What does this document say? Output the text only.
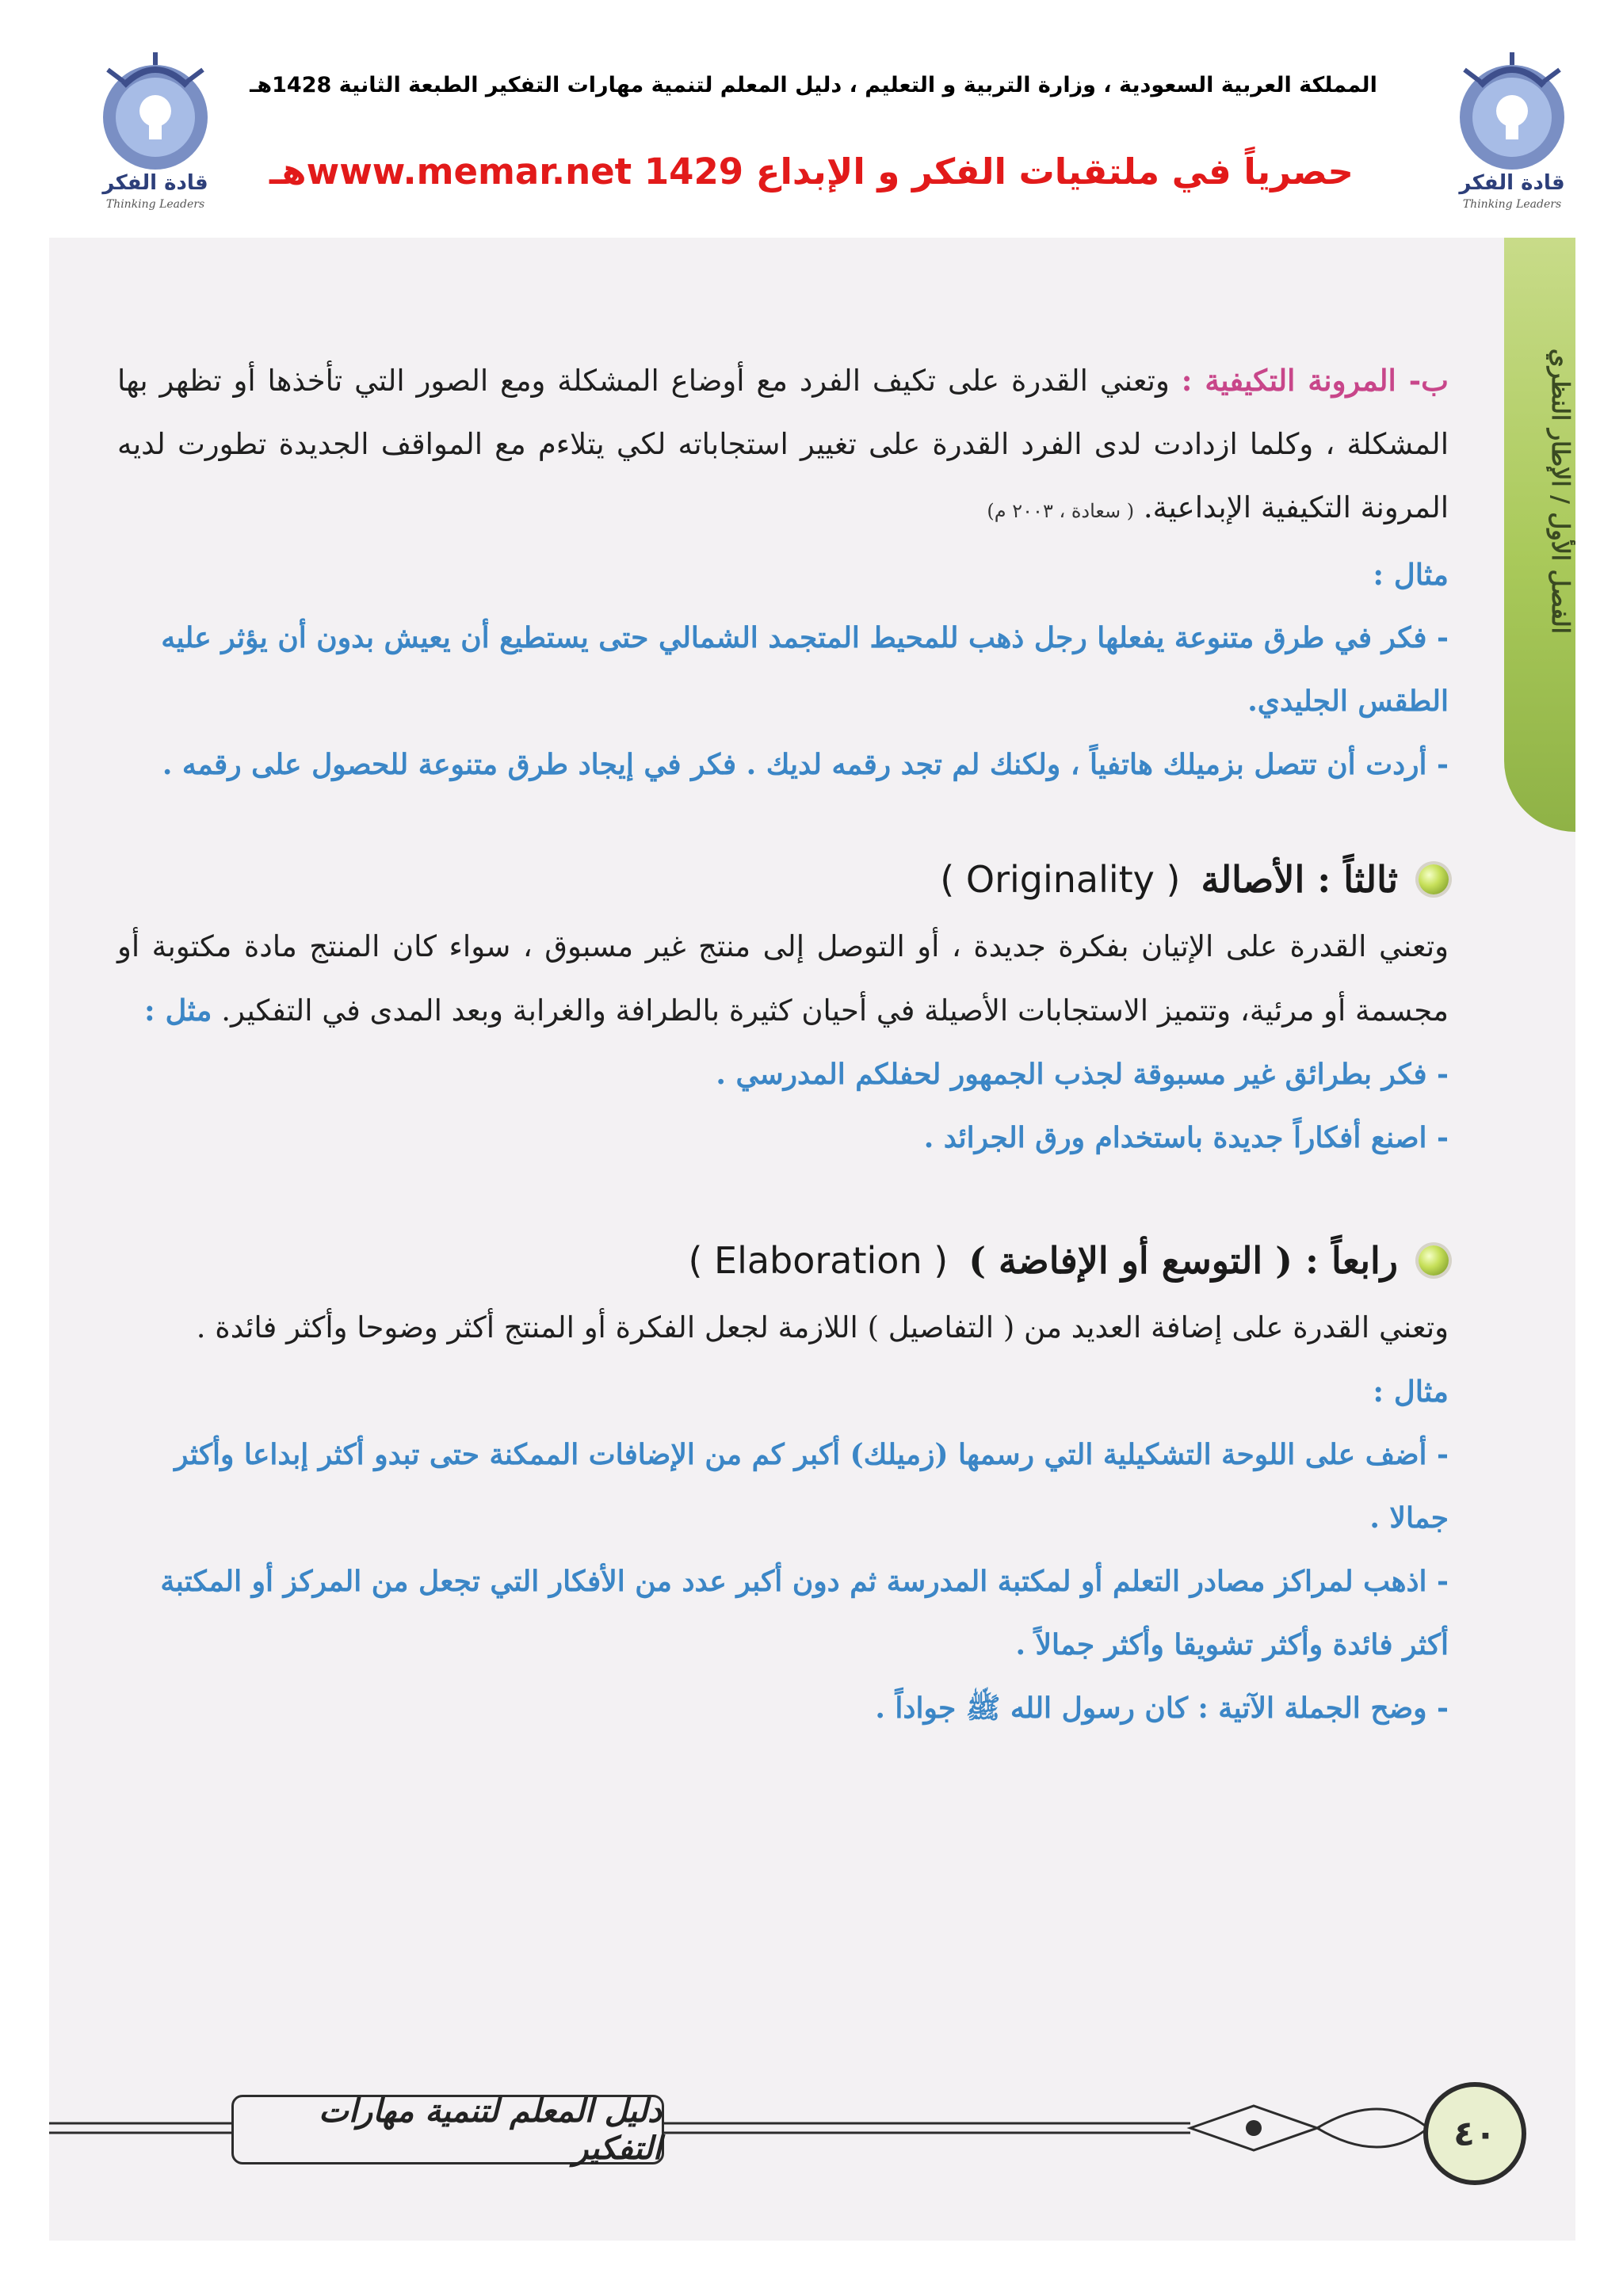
قادة الفكر
Thinking Leaders
قادة الفكر
Thinking Leaders
المملكة العربية السعودية ، وزارة التربية و التعليم ، دليل المعلم لتنمية مهارات التفكير الطبعة الثانية 1428هـ
حصرياً في ملتقيات الفكر و الإبداع www.memar.net 1429هـ
الفصل الأول / الإطار النظري

ب- المرونة التكيفية : وتعني القدرة على تكيف الفرد مع أوضاع المشكلة ومع الصور التي تأخذها أو تظهر بها المشكلة ، وكلما ازدادت لدى الفرد القدرة على تغيير استجاباته لكي يتلاءم مع المواقف الجديدة تطورت لديه المرونة التكيفية الإبداعية. ( سعادة ، ٢٠٠٣ م)

مثال :

- فكر في طرق متنوعة يفعلها رجل ذهب للمحيط المتجمد الشمالي حتى يستطيع أن يعيش بدون أن يؤثر عليه الطقس الجليدي.

- أردت أن تتصل بزميلك هاتفياً ، ولكنك لم تجد رقمه لديك . فكر في إيجاد طرق متنوعة للحصول على رقمه .

ثالثاً : الأصالة
( Originality )

وتعني القدرة على الإتيان بفكرة جديدة ، أو التوصل إلى منتج غير مسبوق ، سواء كان المنتج مادة مكتوبة أو مجسمة أو مرئية، وتتميز الاستجابات الأصيلة في أحيان كثيرة بالطرافة والغرابة وبعد المدى في التفكير. مثل :

- فكر بطرائق غير مسبوقة لجذب الجمهور لحفلكم المدرسي .

- اصنع أفكاراً جديدة باستخدام ورق الجرائد .

رابعاً : ( التوسع أو الإفاضة )
( Elaboration )

وتعني القدرة على إضافة العديد من ( التفاصيل ) اللازمة لجعل الفكرة أو المنتج أكثر وضوحا وأكثر فائدة .

مثال :

- أضف على اللوحة التشكيلية التي رسمها (زميلك) أكبر كم من الإضافات الممكنة حتى تبدو أكثر إبداعا وأكثر جمالا .

- اذهب لمراكز مصادر التعلم أو لمكتبة المدرسة ثم دون أكبر عدد من الأفكار التي تجعل من المركز أو المكتبة أكثر فائدة وأكثر تشويقا وأكثر جمالاً .

- وضح الجملة الآتية : كان رسول الله ﷺ جواداً .

دليل المعلم لتنمية مهارات التفكير	٤٠
